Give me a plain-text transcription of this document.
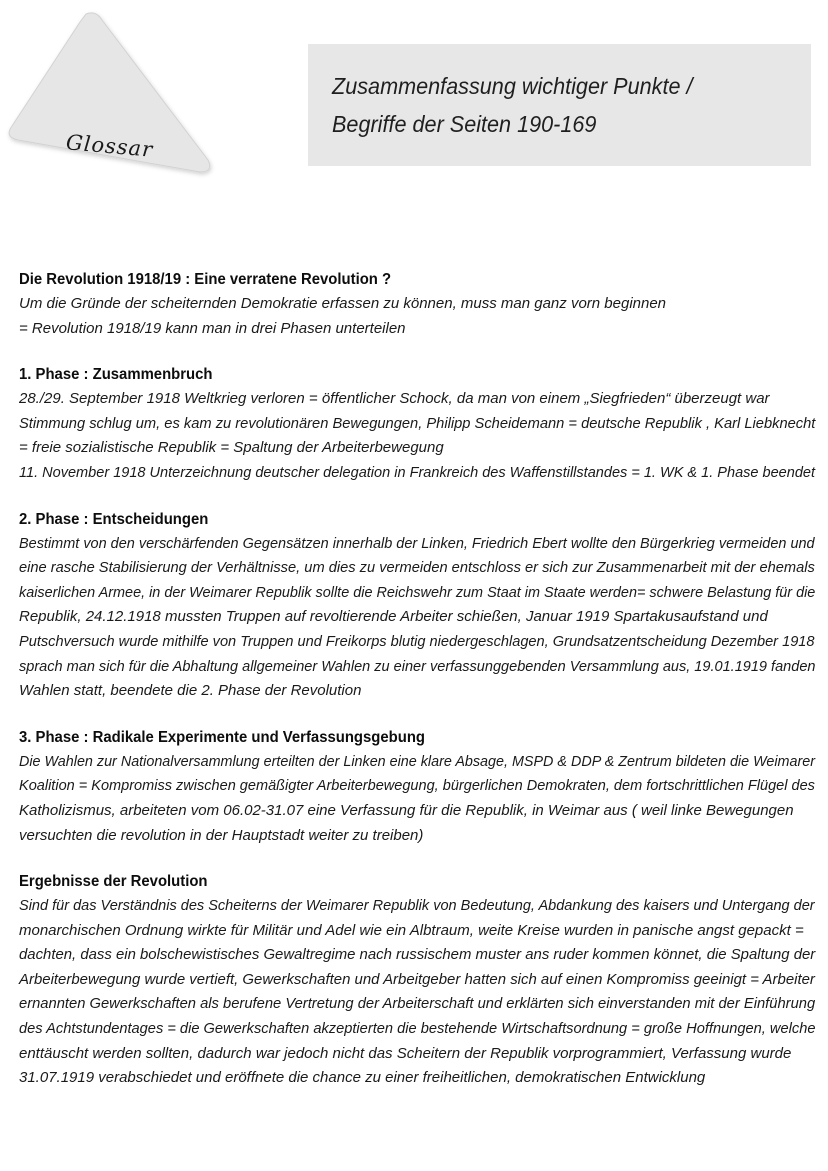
Glossar
Zusammenfassung wichtiger Punkte /
Begriffe der Seiten 190-169
Die Revolution 1918/19 : Eine verratene Revolution ?
Um die Gründe der scheiternden Demokratie erfassen zu können, muss man ganz vorn beginnen
= Revolution 1918/19 kann man in drei Phasen unterteilen
1. Phase : Zusammenbruch
28./29. September 1918 Weltkrieg verloren = öffentlicher Schock, da man von einem „Siegfrieden“ überzeugt war
Stimmung schlug um, es kam zu revolutionären Bewegungen, Philipp Scheidemann = deutsche Republik , Karl Liebknecht
= freie sozialistische Republik = Spaltung der Arbeiterbewegung
11. November 1918 Unterzeichnung deutscher delegation in Frankreich des Waffenstillstandes = 1. WK & 1. Phase beendet
2. Phase : Entscheidungen
Bestimmt von den verschärfenden Gegensätzen innerhalb der Linken, Friedrich Ebert wollte den Bürgerkrieg vermeiden und
eine rasche Stabilisierung der Verhältnisse, um dies zu vermeiden entschloss er sich zur Zusammenarbeit mit der ehemals
kaiserlichen Armee, in der Weimarer Republik sollte die Reichswehr zum Staat im Staate werden= schwere Belastung für die
Republik, 24.12.1918 mussten Truppen auf revoltierende Arbeiter schießen, Januar 1919 Spartakusaufstand und
Putschversuch wurde mithilfe von Truppen und Freikorps blutig niedergeschlagen, Grundsatzentscheidung Dezember 1918
sprach man sich für die Abhaltung allgemeiner Wahlen zu einer verfassunggebenden Versammlung aus, 19.01.1919 fanden
Wahlen statt, beendete die 2. Phase der Revolution
3. Phase : Radikale Experimente und Verfassungsgebung
Die Wahlen zur Nationalversammlung erteilten der Linken eine klare Absage, MSPD & DDP & Zentrum bildeten die Weimarer
Koalition = Kompromiss zwischen gemäßigter Arbeiterbewegung, bürgerlichen Demokraten, dem fortschrittlichen Flügel des
Katholizismus, arbeiteten vom 06.02-31.07 eine Verfassung für die Republik, in Weimar aus ( weil linke Bewegungen
versuchten die revolution in der Hauptstadt weiter zu treiben)
Ergebnisse der Revolution
Sind für das Verständnis des Scheiterns der Weimarer Republik von Bedeutung, Abdankung des kaisers und Untergang der
monarchischen Ordnung wirkte für Militär und Adel wie ein Albtraum, weite Kreise wurden in panische angst gepackt =
dachten, dass ein bolschewistisches Gewaltregime nach russischem muster ans ruder kommen könnet, die Spaltung der
Arbeiterbewegung wurde vertieft, Gewerkschaften und Arbeitgeber hatten sich auf einen Kompromiss geeinigt = Arbeiter
ernannten Gewerkschaften als berufene Vertretung der Arbeiterschaft und erklärten sich einverstanden mit der Einführung
des Achtstundentages = die Gewerkschaften akzeptierten die bestehende Wirtschaftsordnung = große Hoffnungen, welche
enttäuscht werden sollten, dadurch war jedoch nicht das Scheitern der Republik vorprogrammiert, Verfassung wurde
31.07.1919 verabschiedet und eröffnete die chance zu einer freiheitlichen, demokratischen Entwicklung
